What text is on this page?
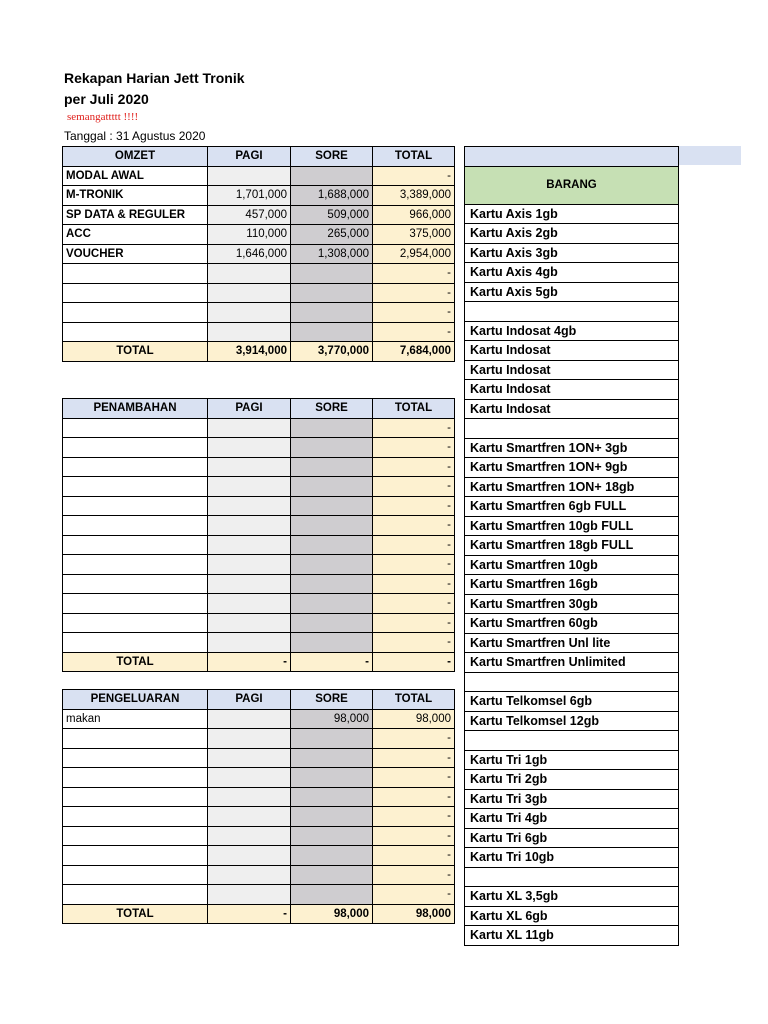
Rekapan Harian Jett Tronik
per Juli 2020
semangattttt !!!!
Tanggal : 31 Agustus 2020
OMZET	PAGI	SORE	TOTAL
MODAL AWAL			-
M-TRONIK	1,701,000	1,688,000	3,389,000
SP DATA & REGULER	457,000	509,000	966,000
ACC	110,000	265,000	375,000
VOUCHER	1,646,000	1,308,000	2,954,000
			-
			-
			-
			-
TOTAL	3,914,000	3,770,000	7,684,000
PENAMBAHAN	PAGI	SORE	TOTAL
			-
			-
			-
			-
			-
			-
			-
			-
			-
			-
			-
			-
TOTAL	-	-	-
PENGELUARAN	PAGI	SORE	TOTAL
makan		98,000	98,000
			-
			-
			-
			-
			-
			-
			-
			-
			-
TOTAL	-	98,000	98,000

BARANG
Kartu Axis 1gb
Kartu Axis 2gb
Kartu Axis 3gb
Kartu Axis 4gb
Kartu Axis 5gb

Kartu Indosat 4gb
Kartu Indosat
Kartu Indosat
Kartu Indosat
Kartu Indosat

Kartu Smartfren 1ON+ 3gb
Kartu Smartfren 1ON+ 9gb
Kartu Smartfren 1ON+ 18gb
Kartu Smartfren 6gb FULL
Kartu Smartfren 10gb FULL
Kartu Smartfren 18gb FULL
Kartu Smartfren 10gb
Kartu Smartfren 16gb
Kartu Smartfren 30gb
Kartu Smartfren 60gb
Kartu Smartfren Unl lite
Kartu Smartfren Unlimited

Kartu Telkomsel 6gb
Kartu Telkomsel 12gb

Kartu Tri 1gb
Kartu Tri 2gb
Kartu Tri 3gb
Kartu Tri 4gb
Kartu Tri 6gb
Kartu Tri 10gb

Kartu XL 3,5gb
Kartu XL 6gb
Kartu XL 11gb
